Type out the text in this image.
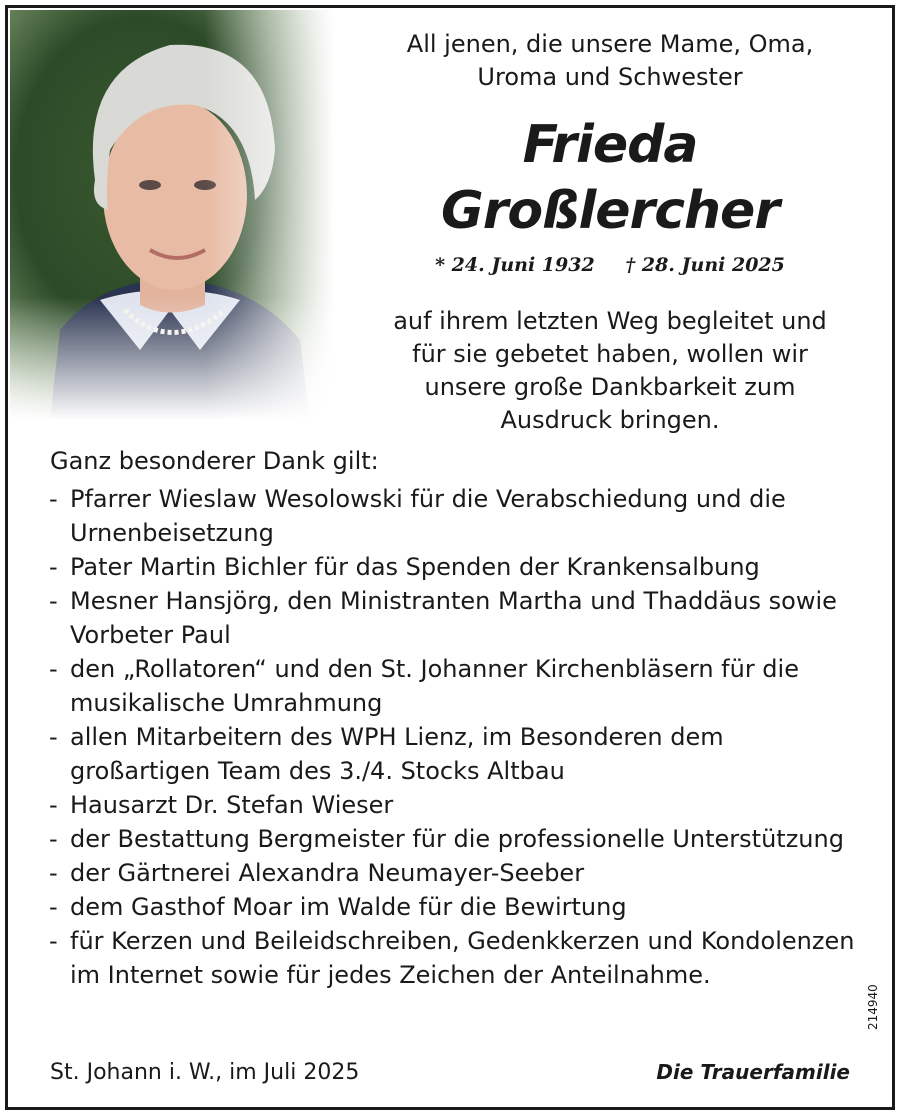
All jenen, die unsere Mame, Oma, Uroma und Schwester
Frieda
Großlercher
* 24. Juni 1932 † 28. Juni 2025
auf ihrem letzten Weg begleitet und für sie gebetet haben, wollen wir unsere große Dankbarkeit zum Ausdruck bringen.
Ganz besonderer Dank gilt:
- Pfarrer Wieslaw Wesolowski für die Verabschiedung und die Urnenbeisetzung
- Pater Martin Bichler für das Spenden der Krankensalbung
- Mesner Hansjörg, den Ministranten Martha und Thaddäus sowie Vorbeter Paul
- den „Rollatoren“ und den St. Johanner Kirchenbläsern für die musikalische Umrahmung
- allen Mitarbeitern des WPH Lienz, im Besonderen dem großartigen Team des 3./4. Stocks Altbau
- Hausarzt Dr. Stefan Wieser
- der Bestattung Bergmeister für die professionelle Unterstützung
- der Gärtnerei Alexandra Neumayer-Seeber
- dem Gasthof Moar im Walde für die Bewirtung
- für Kerzen und Beileidschreiben, Gedenkkerzen und Kondolenzen im Internet sowie für jedes Zeichen der Anteilnahme.
St. Johann i. W., im Juli 2025	Die Trauerfamilie
214940
